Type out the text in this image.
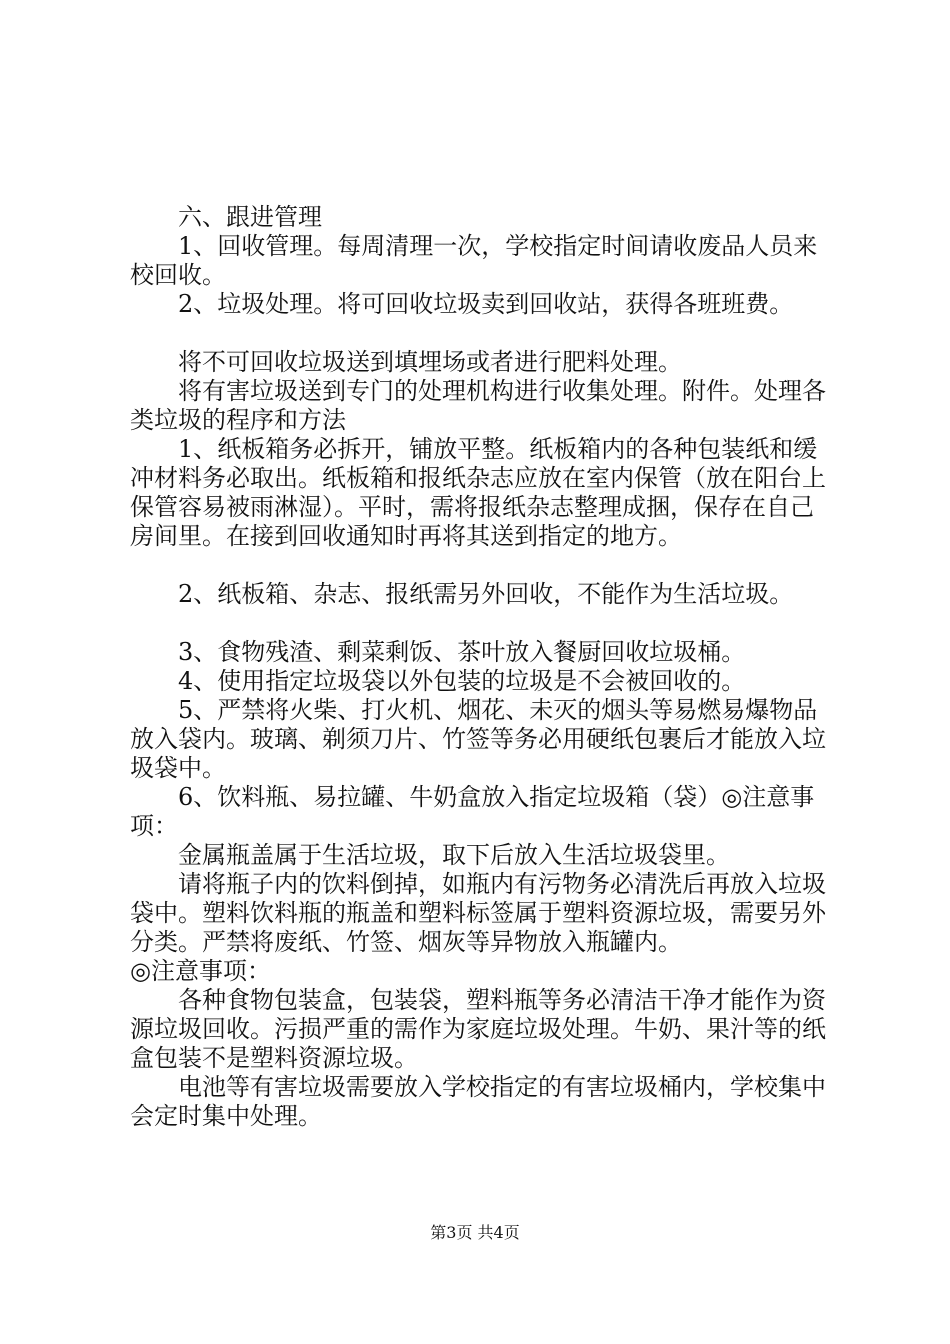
六、跟进管理

1、回收管理。每周清理一次，学校指定时间请收废品人员来校回收。

2、垃圾处理。将可回收垃圾卖到回收站，获得各班班费。

将不可回收垃圾送到填埋场或者进行肥料处理。

将有害垃圾送到专门的处理机构进行收集处理。附件。处理各类垃圾的程序和方法

1、纸板箱务必拆开，铺放平整。纸板箱内的各种包装纸和缓冲材料务必取出。纸板箱和报纸杂志应放在室内保管（放在阳台上保管容易被雨淋湿）。平时，需将报纸杂志整理成捆，保存在自己房间里。在接到回收通知时再将其送到指定的地方。

2、纸板箱、杂志、报纸需另外回收，不能作为生活垃圾。

3、食物残渣、剩菜剩饭、茶叶放入餐厨回收垃圾桶。

4、使用指定垃圾袋以外包装的垃圾是不会被回收的。

5、严禁将火柴、打火机、烟花、未灭的烟头等易燃易爆物品放入袋内。玻璃、剃须刀片、竹签等务必用硬纸包裹后才能放入垃圾袋中。

6、饮料瓶、易拉罐、牛奶盒放入指定垃圾箱（袋）◎注意事项：

金属瓶盖属于生活垃圾，取下后放入生活垃圾袋里。

请将瓶子内的饮料倒掉，如瓶内有污物务必清洗后再放入垃圾袋中。塑料饮料瓶的瓶盖和塑料标签属于塑料资源垃圾，需要另外分类。严禁将废纸、竹签、烟灰等异物放入瓶罐内。

◎注意事项：

各种食物包装盒，包装袋，塑料瓶等务必清洁干净才能作为资源垃圾回收。污损严重的需作为家庭垃圾处理。牛奶、果汁等的纸盒包装不是塑料资源垃圾。

电池等有害垃圾需要放入学校指定的有害垃圾桶内，学校集中会定时集中处理。

第3页 共4页
